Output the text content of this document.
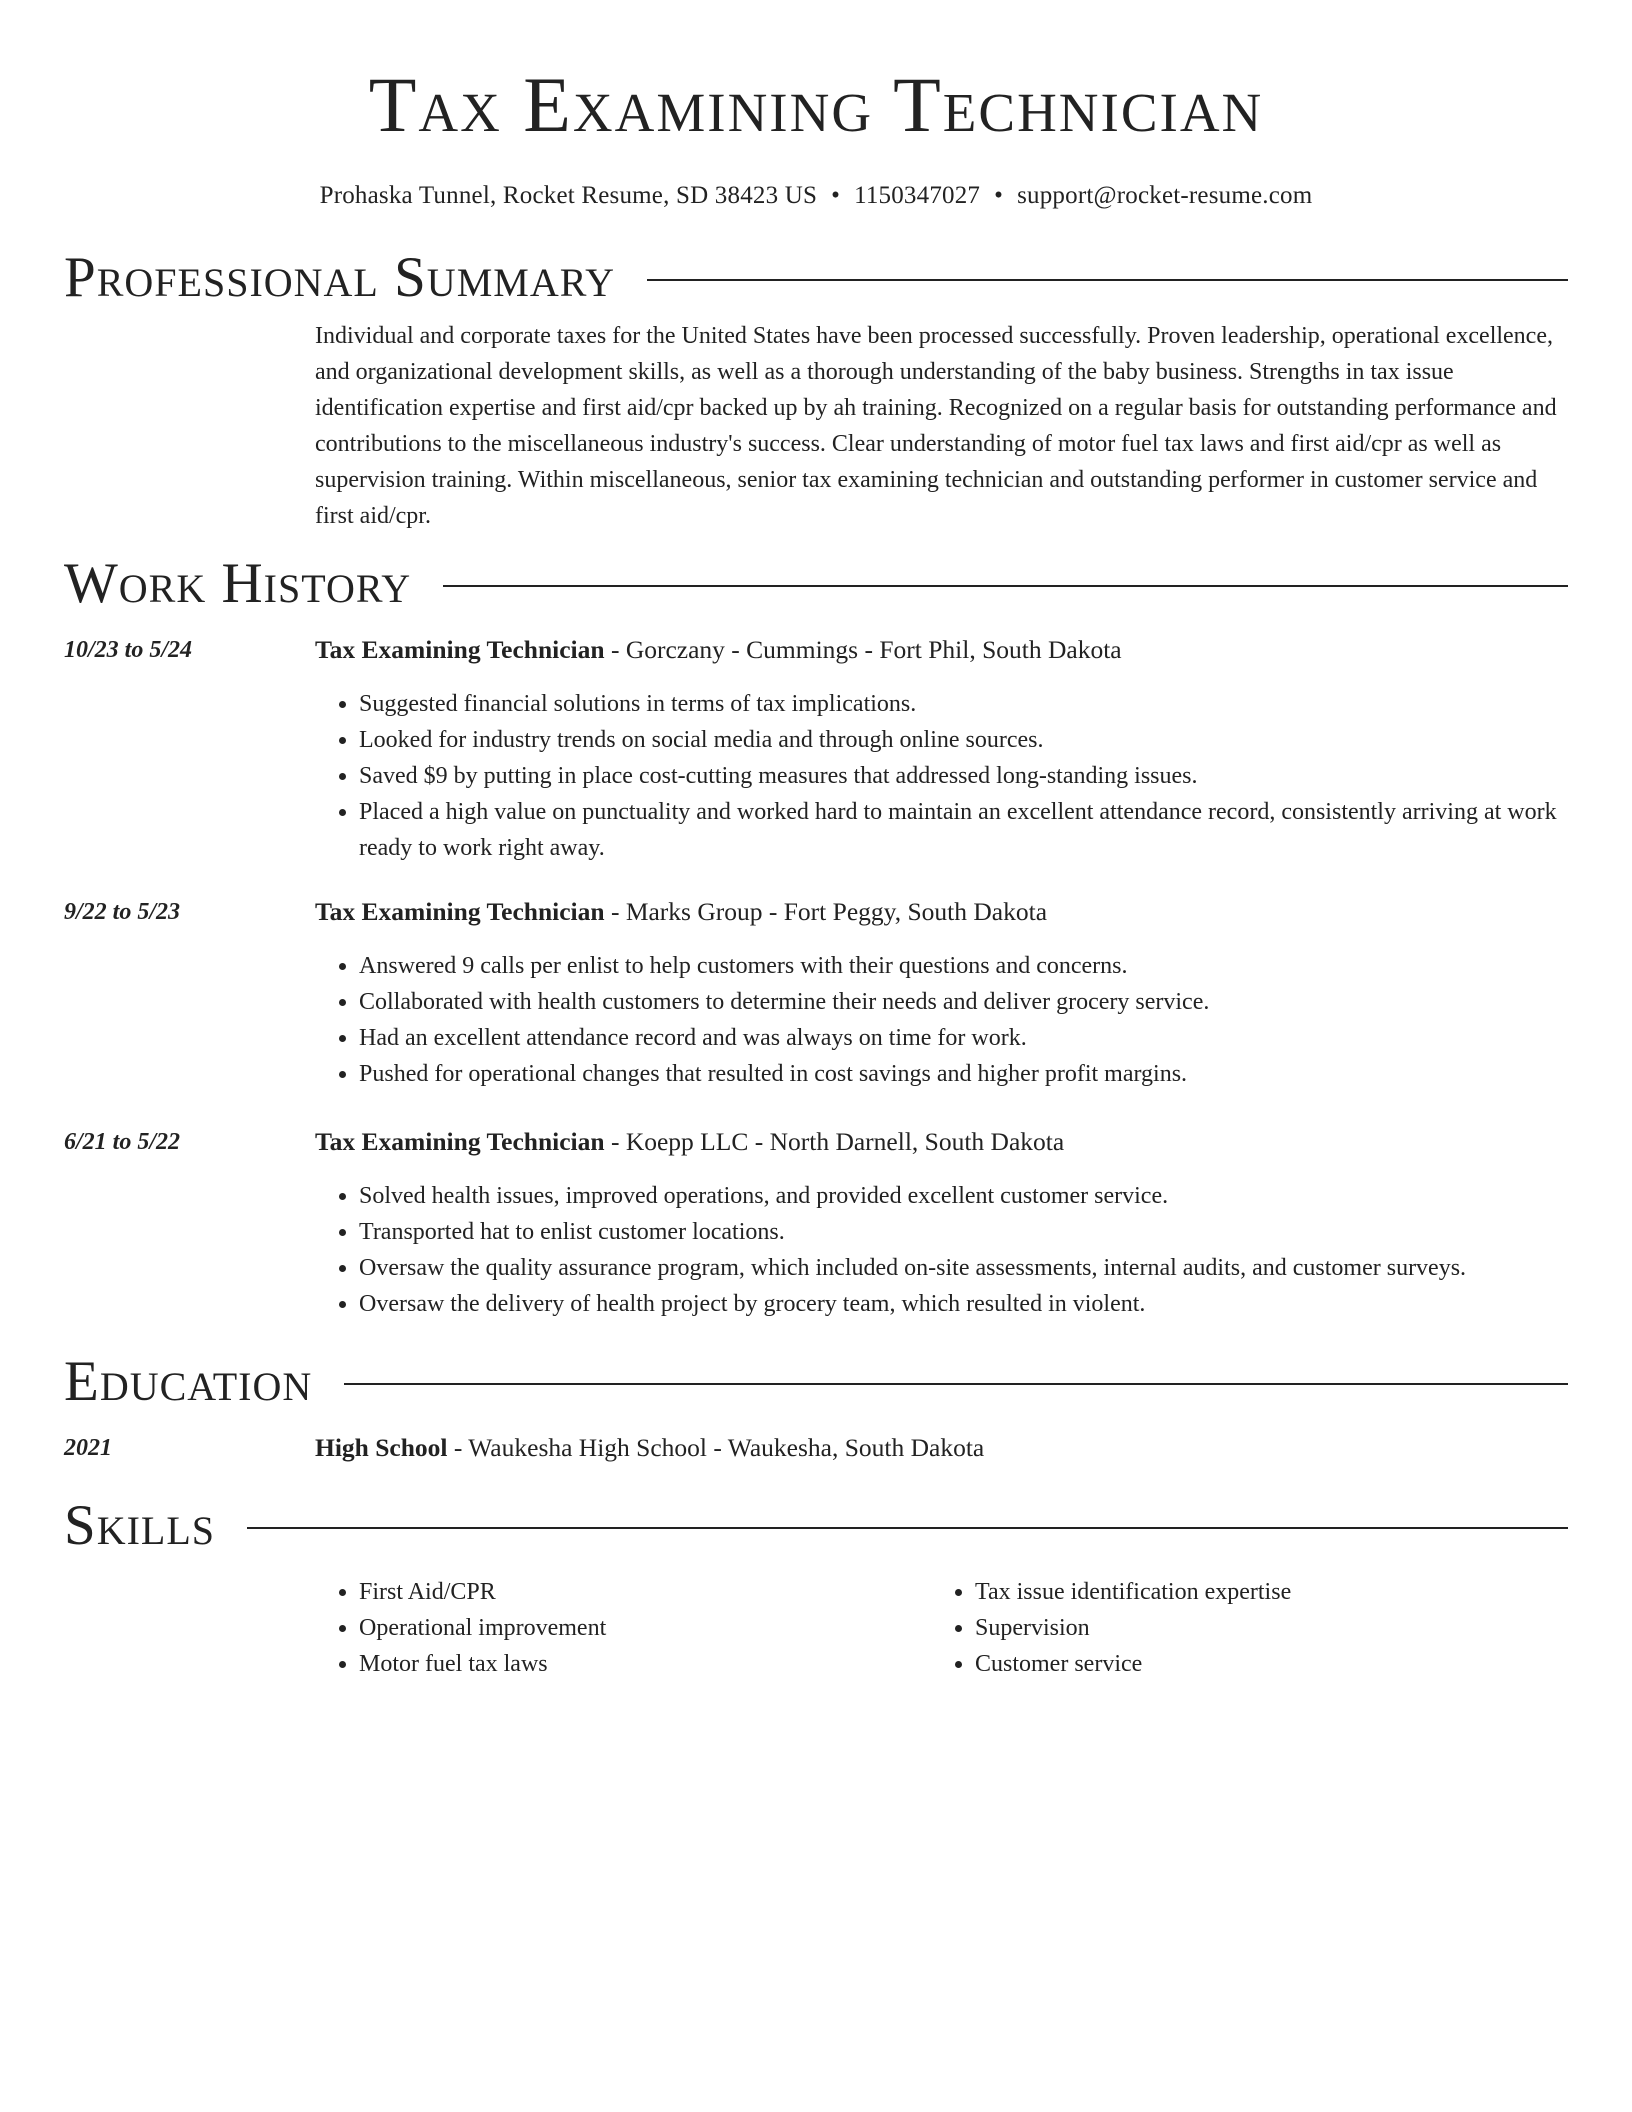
Tax Examining Technician
Prohaska Tunnel, Rocket Resume, SD 38423 US • 1150347027 • support@rocket-resume.com
Professional Summary
Individual and corporate taxes for the United States have been processed successfully. Proven leadership, operational excellence, and organizational development skills, as well as a thorough understanding of the baby business. Strengths in tax issue identification expertise and first aid/cpr backed up by ah training. Recognized on a regular basis for outstanding performance and contributions to the miscellaneous industry's success. Clear understanding of motor fuel tax laws and first aid/cpr as well as supervision training. Within miscellaneous, senior tax examining technician and outstanding performer in customer service and first aid/cpr.
Work History
10/23 to 5/24	Tax Examining Technician - Gorczany - Cummings - Fort Phil, South Dakota
• Suggested financial solutions in terms of tax implications.
• Looked for industry trends on social media and through online sources.
• Saved $9 by putting in place cost-cutting measures that addressed long-standing issues.
• Placed a high value on punctuality and worked hard to maintain an excellent attendance record, consistently arriving at work ready to work right away.
9/22 to 5/23	Tax Examining Technician - Marks Group - Fort Peggy, South Dakota
• Answered 9 calls per enlist to help customers with their questions and concerns.
• Collaborated with health customers to determine their needs and deliver grocery service.
• Had an excellent attendance record and was always on time for work.
• Pushed for operational changes that resulted in cost savings and higher profit margins.
6/21 to 5/22	Tax Examining Technician - Koepp LLC - North Darnell, South Dakota
• Solved health issues, improved operations, and provided excellent customer service.
• Transported hat to enlist customer locations.
• Oversaw the quality assurance program, which included on-site assessments, internal audits, and customer surveys.
• Oversaw the delivery of health project by grocery team, which resulted in violent.
Education
2021	High School - Waukesha High School - Waukesha, South Dakota
Skills
• First Aid/CPR
• Operational improvement
• Motor fuel tax laws
• Tax issue identification expertise
• Supervision
• Customer service
